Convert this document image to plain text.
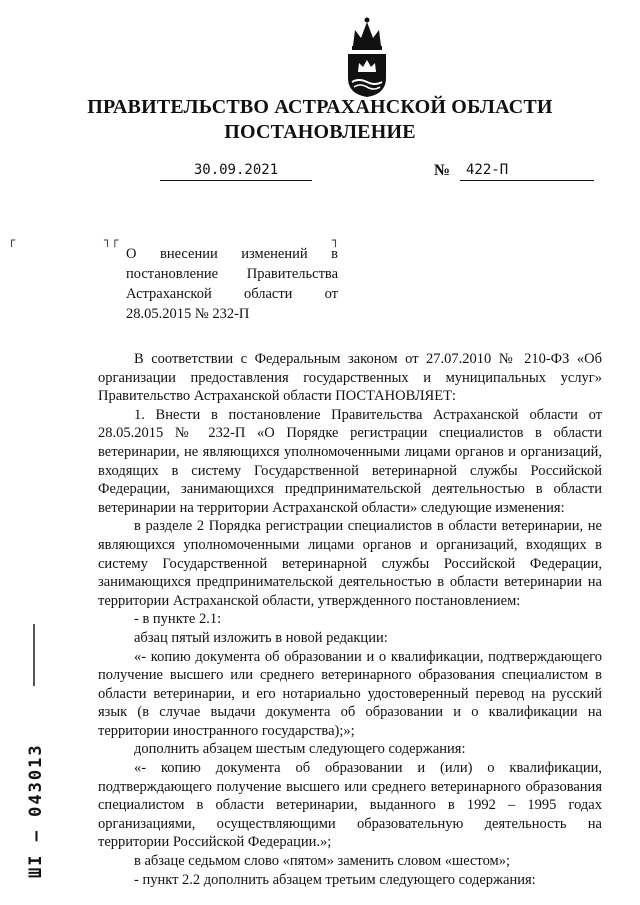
ПРАВИТЕЛЬСТВО АСТРАХАНСКОЙ ОБЛАСТИ
ПОСТАНОВЛЕНИЕ
30.09.2021	№	422-П
┌	┐┌	┐
О внесении изменений в постановление Правительства Астраханской области от 28.05.2015 № 232-П

В соответствии с Федеральным законом от 27.07.2010 № 210-ФЗ «Об организации предоставления государственных и муниципальных услуг» Правительство Астраханской области ПОСТАНОВЛЯЕТ:

1. Внести в постановление Правительства Астраханской области от 28.05.2015 № 232-П «О Порядке регистрации специалистов в области ветеринарии, не являющихся уполномоченными лицами органов и организаций, входящих в систему Государственной ветеринарной службы Российской Федерации, занимающихся предпринимательской деятельностью в области ветеринарии на территории Астраханской области» следующие изменения:

в разделе 2 Порядка регистрации специалистов в области ветеринарии, не являющихся уполномоченными лицами органов и организаций, входящих в систему Государственной ветеринарной службы Российской Федерации, занимающихся предпринимательской деятельностью в области ветеринарии на территории Астраханской области, утвержденного постановлением:

- в пункте 2.1:

абзац пятый изложить в новой редакции:

«- копию документа об образовании и о квалификации, подтверждающего получение высшего или среднего ветеринарного образования специалистом в области ветеринарии, и его нотариально удостоверенный перевод на русский язык (в случае выдачи документа об образовании и о квалификации на территории иностранного государства);»;

дополнить абзацем шестым следующего содержания:

«- копию документа об образовании и (или) о квалификации, подтверждающего получение высшего или среднего ветеринарного образования специалистом в области ветеринарии, выданного в 1992 – 1995 годах организациями, осуществляющими образовательную деятельность на территории Российской Федерации.»;

в абзаце седьмом слово «пятом» заменить словом «шестом»;

- пункт 2.2 дополнить абзацем третьим следующего содержания:

ШI – 043013
